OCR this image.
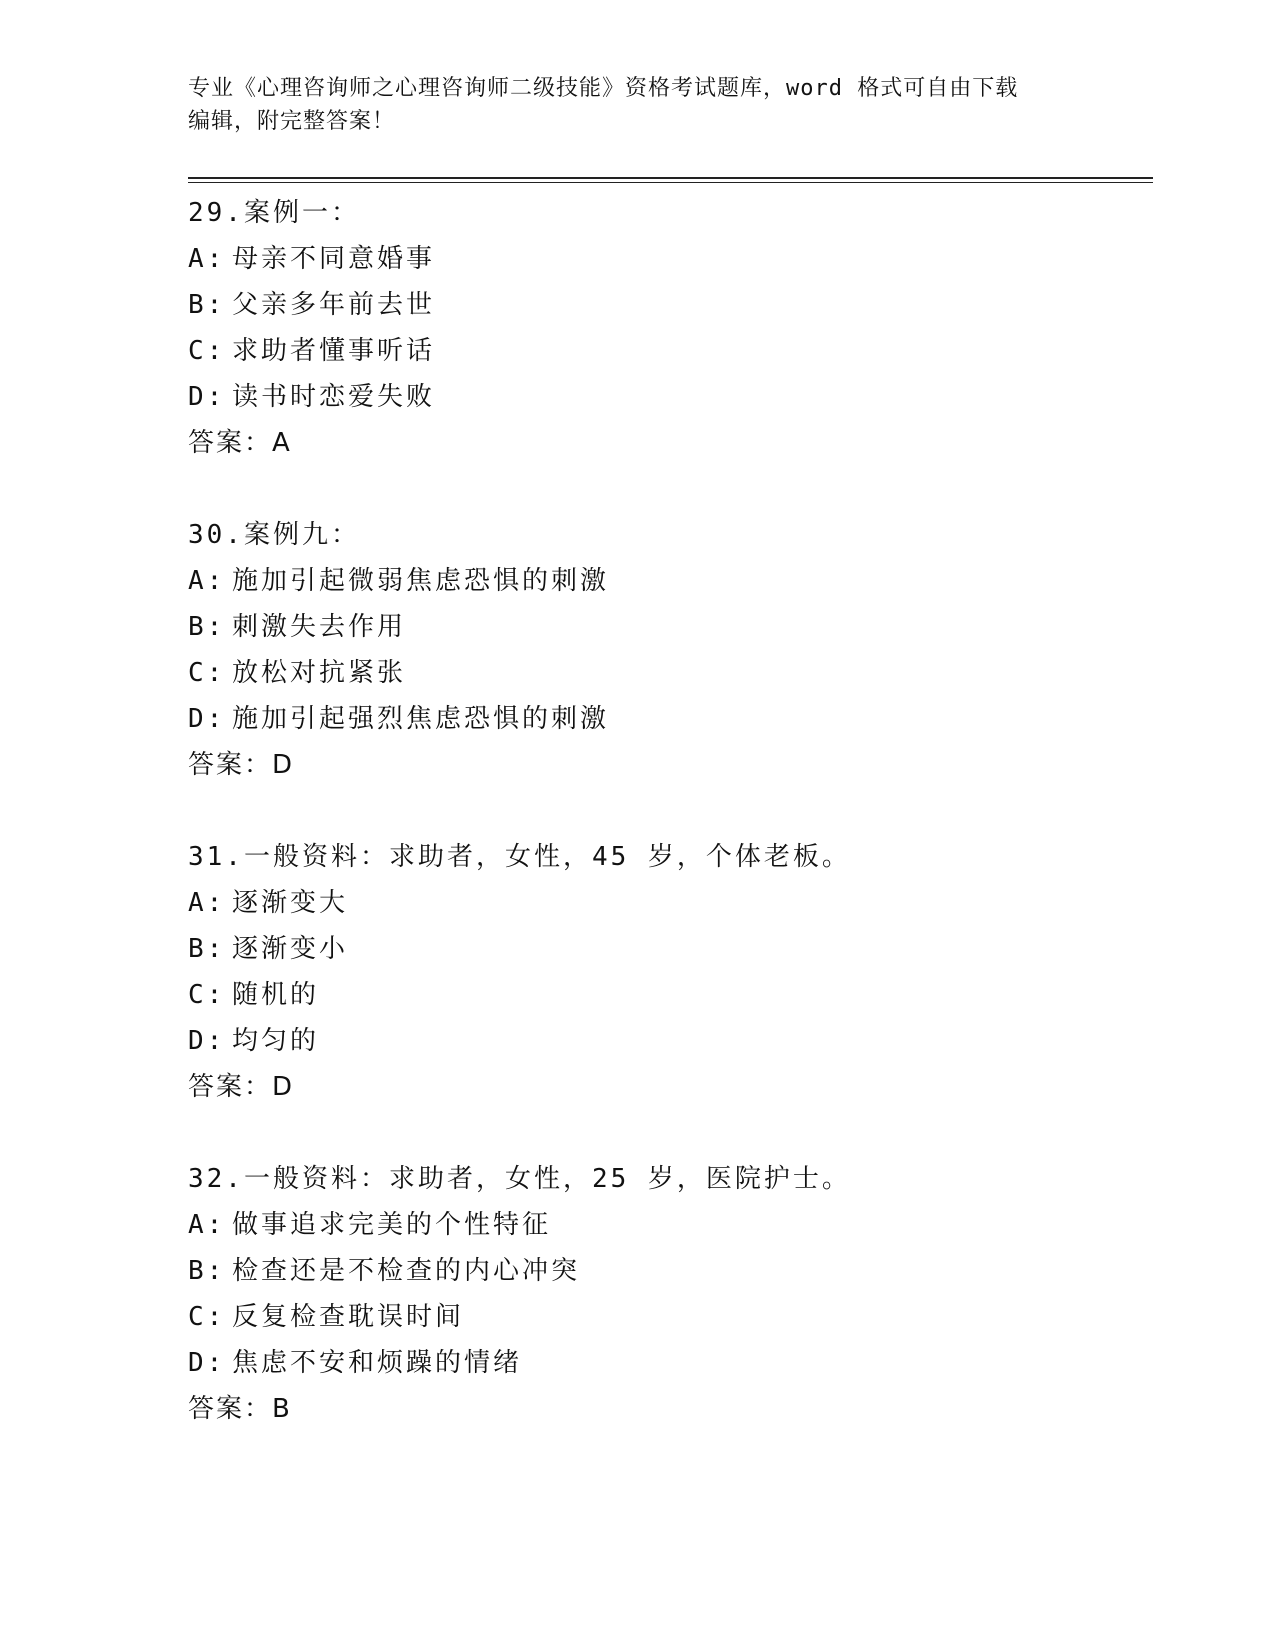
专业《心理咨询师之心理咨询师二级技能》资格考试题库，word 格式可自由下载
编辑，附完整答案！
29.案例一：
A: 母亲不同意婚事
B: 父亲多年前去世
C: 求助者懂事听话
D: 读书时恋爱失败
答案：A
30.案例九：
A: 施加引起微弱焦虑恐惧的刺激
B: 刺激失去作用
C: 放松对抗紧张
D: 施加引起强烈焦虑恐惧的刺激
答案：D
31.一般资料：求助者，女性，45 岁，个体老板。
A: 逐渐变大
B: 逐渐变小
C: 随机的
D: 均匀的
答案：D
32.一般资料：求助者，女性，25 岁，医院护士。
A: 做事追求完美的个性特征
B: 检查还是不检查的内心冲突
C: 反复检查耽误时间
D: 焦虑不安和烦躁的情绪
答案：B
